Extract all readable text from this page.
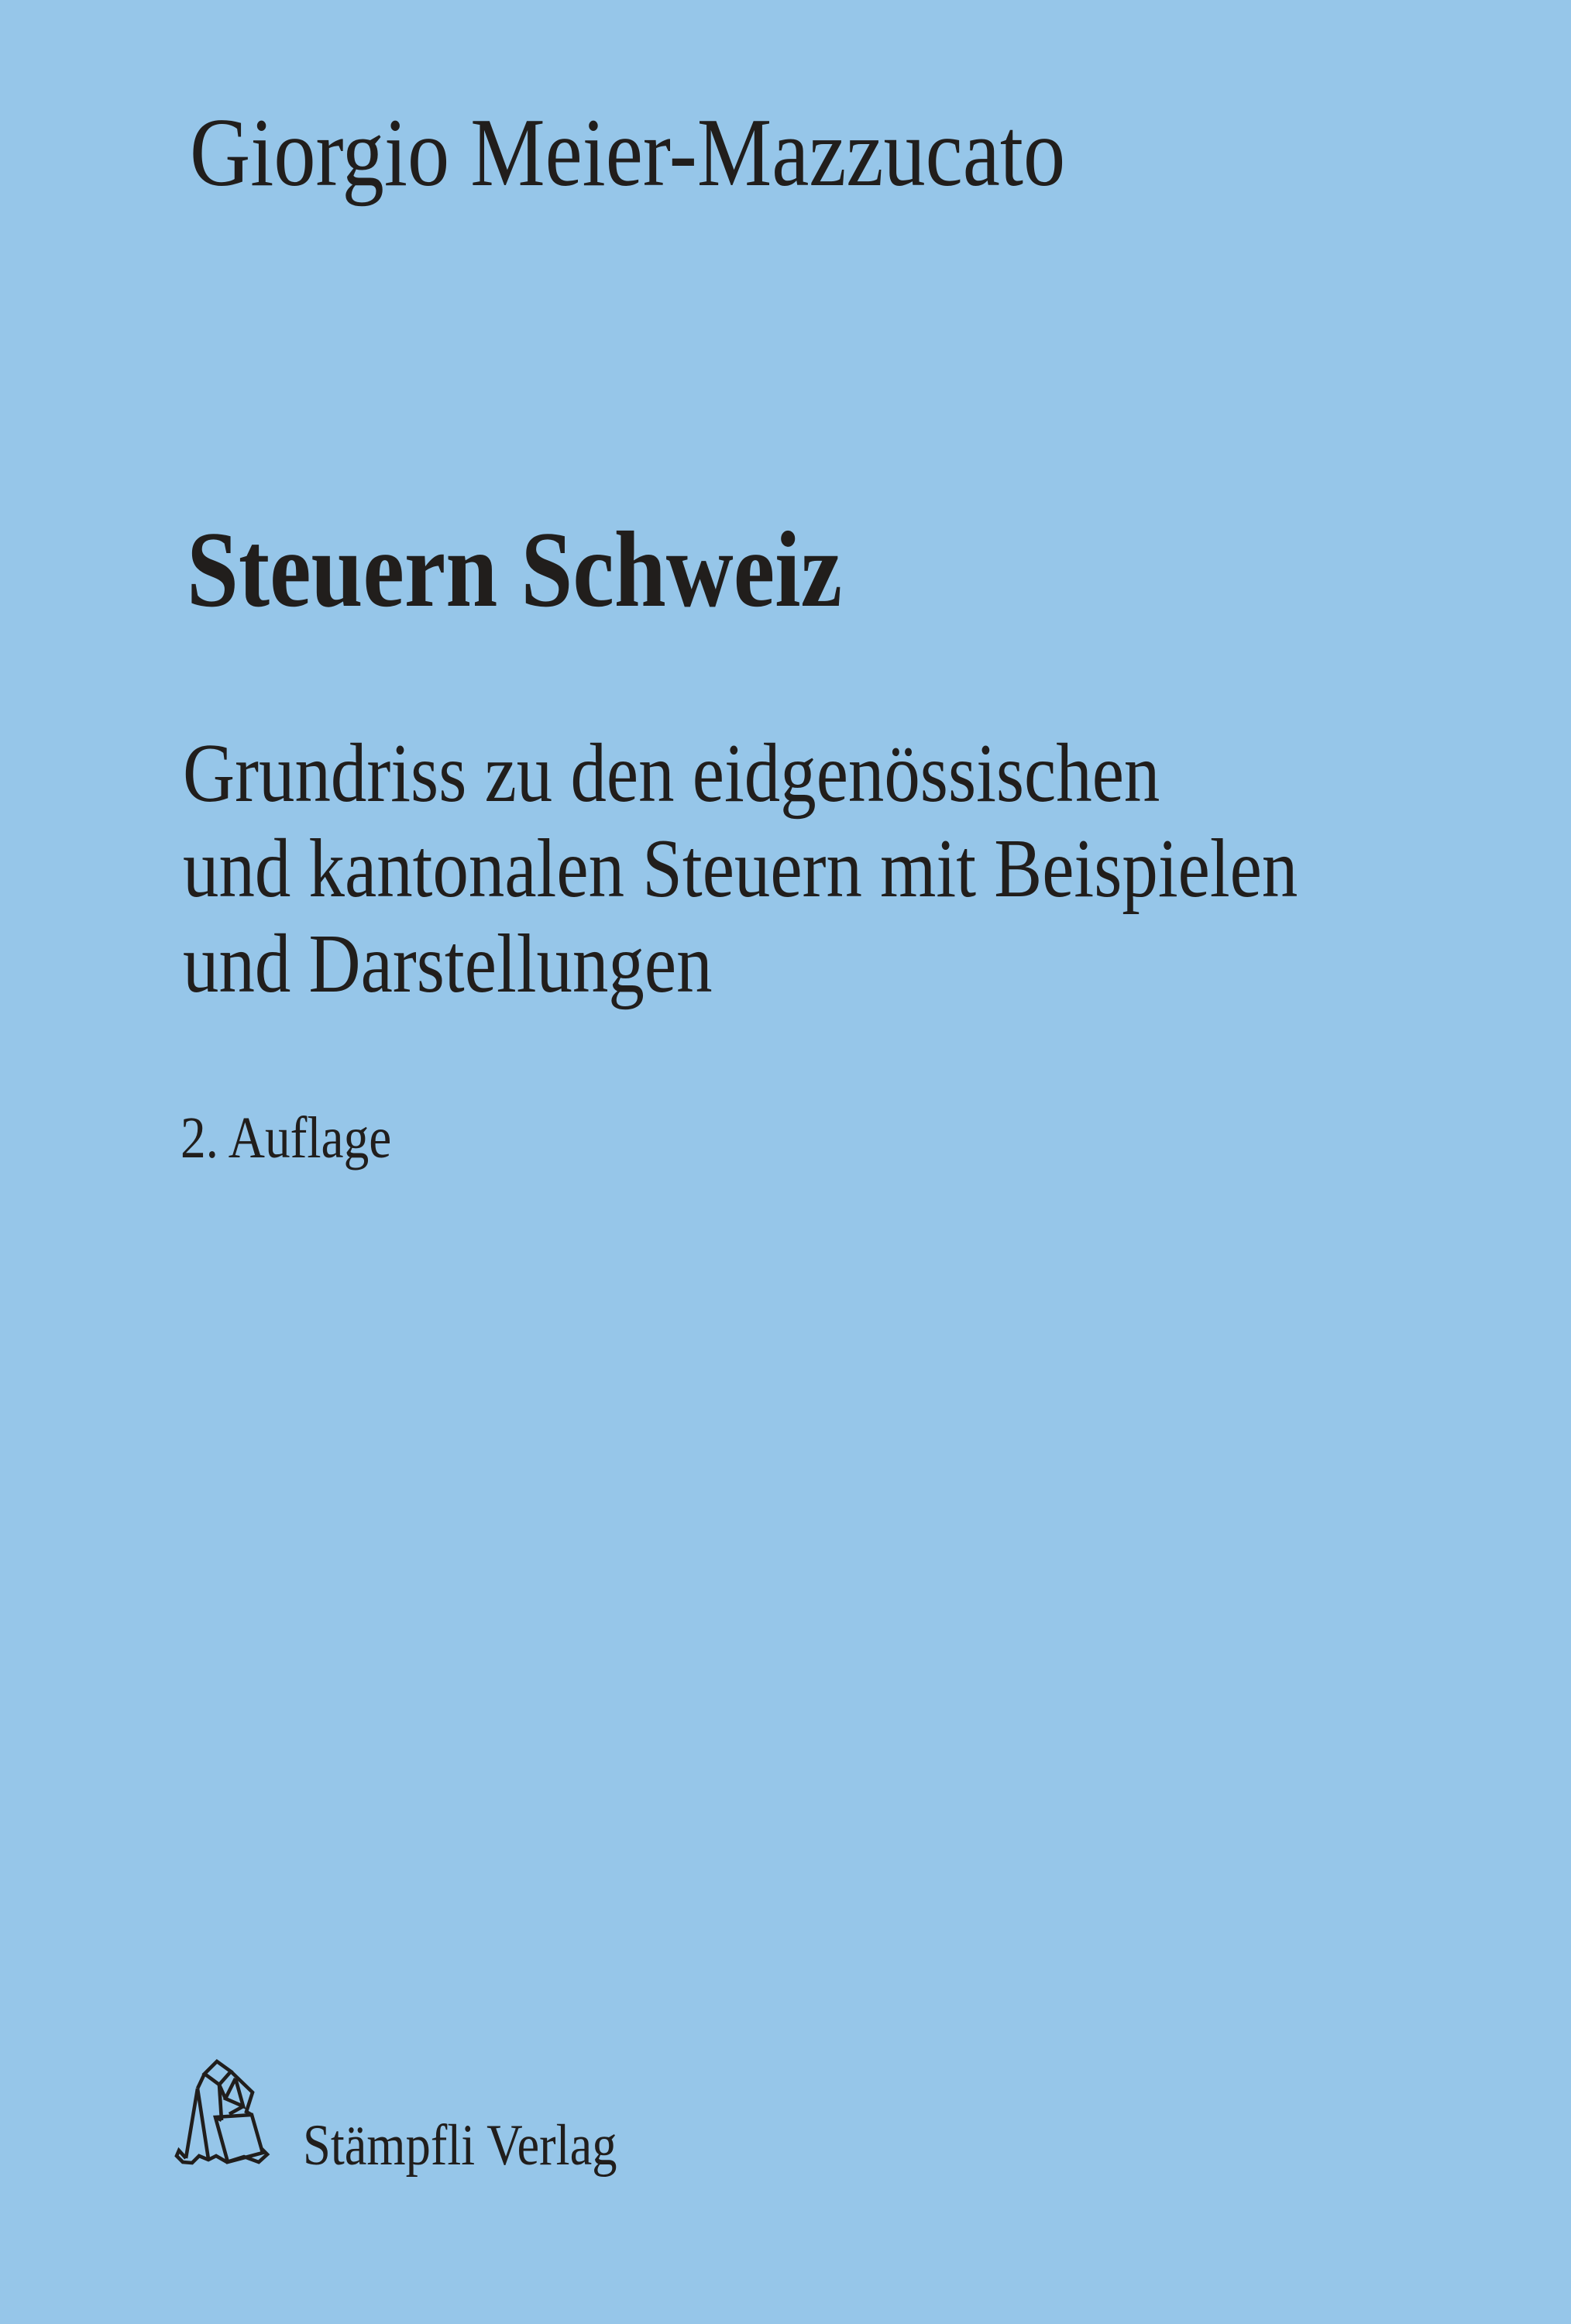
Giorgio Meier-Mazzucato
Steuern Schweiz
Grundriss zu den eidgenössischen
und kantonalen Steuern mit Beispielen
und Darstellungen
2. Auflage
Stämpfli Verlag
